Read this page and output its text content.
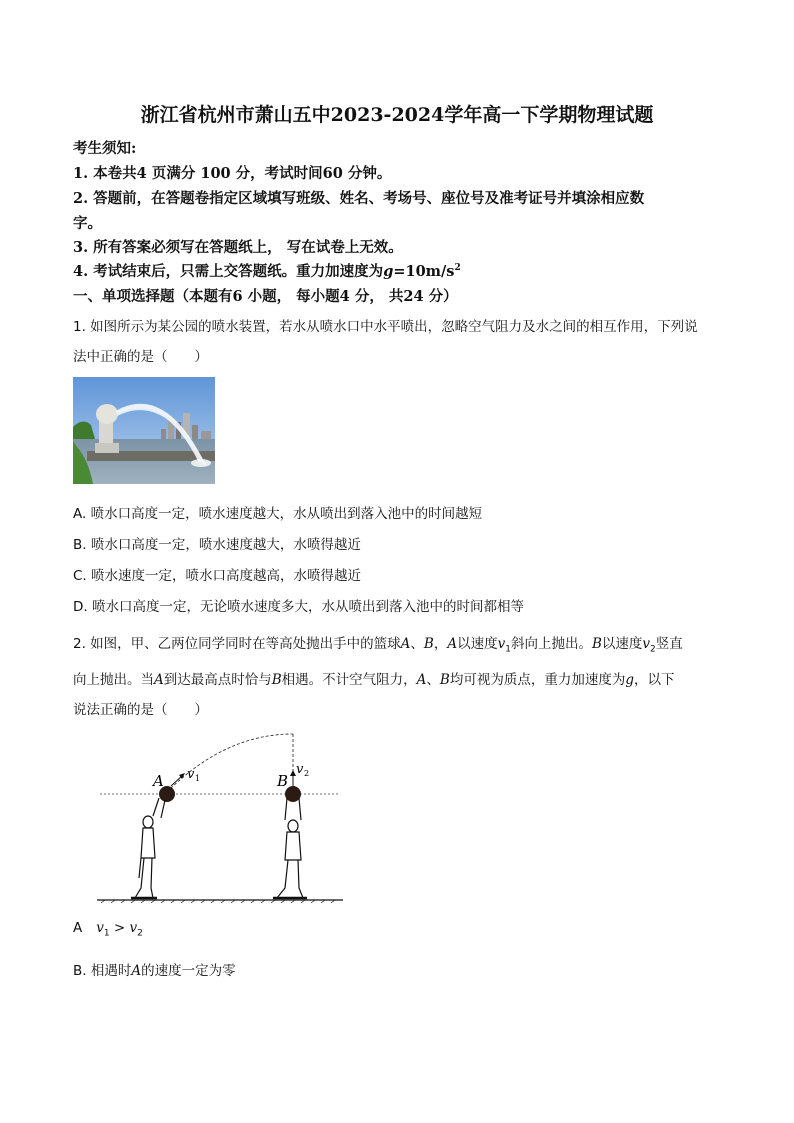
浙江省杭州市萧山五中2023-2024学年高一下学期物理试题
考生须知:
1. 本卷共4 页满分 100 分，考试时间60 分钟。
2. 答题前，在答题卷指定区域填写班级、姓名、考场号、座位号及准考证号并填涂相应数
字。
3. 所有答案必须写在答题纸上， 写在试卷上无效。
4. 考试结束后，只需上交答题纸。重力加速度为$g=10m/s^2$
一、单项选择题（本题有6 小题， 每小题4 分， 共24 分）
1. 如图所示为某公园的喷水装置，若水从喷水口中水平喷出，忽略空气阻力及水之间的相互作用，下列说
法中正确的是（　　）
A. 喷水口高度一定，喷水速度越大，水从喷出到落入池中的时间越短
B. 喷水口高度一定，喷水速度越大，水喷得越近
C. 喷水速度一定，喷水口高度越高，水喷得越近
D. 喷水口高度一定，无论喷水速度多大，水从喷出到落入池中的时间都相等
2. 如图，甲、乙两位同学同时在等高处抛出手中的篮球A、B，A以速度$v_1$斜向上抛出。B以速度$v_2$竖直
向上抛出。当A到达最高点时恰与B相遇。不计空气阻力，A、B均可视为质点，重力加速度为g，以下
说法正确的是（　　）
A	B
v 1
v 2
A $v_1 > v_2$
B. 相遇时A的速度一定为零
